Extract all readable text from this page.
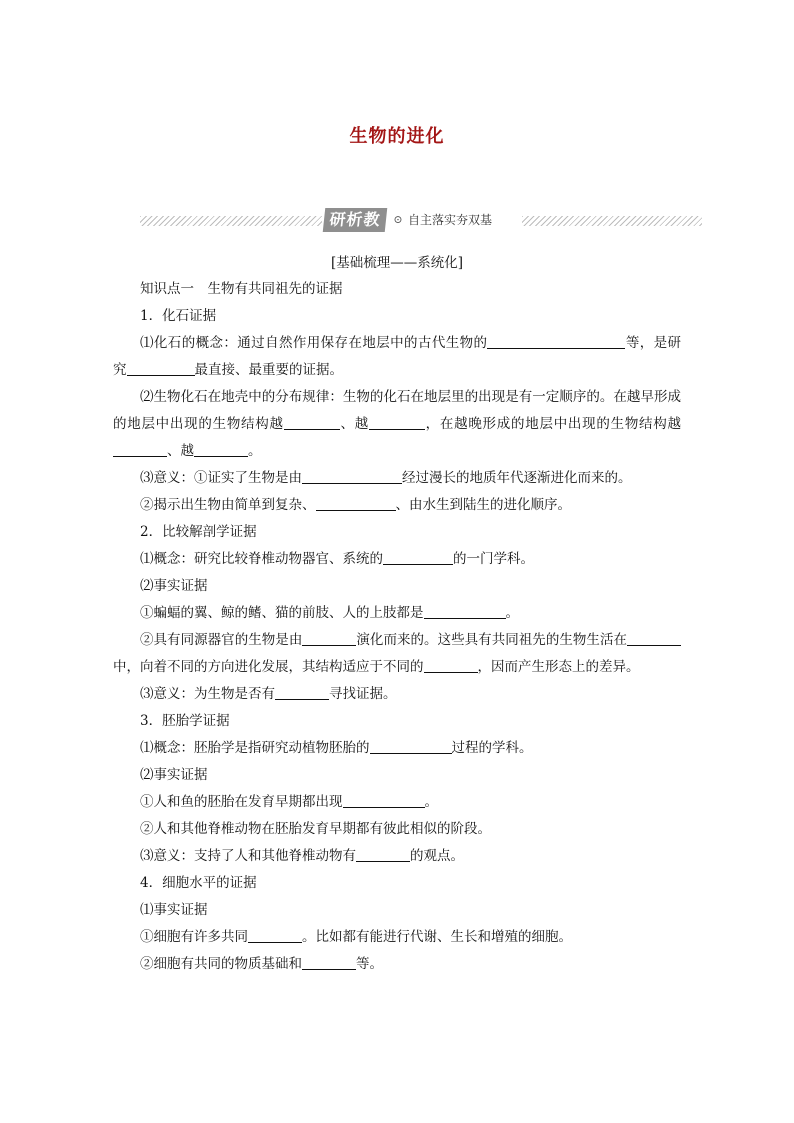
生物的进化
研析教材
⊙ 自主落实夯双基
[基础梳理——系统化]

知识点一　生物有共同祖先的证据

1．化石证据

⑴化石的概念：通过自然作用保存在地层中的古代生物的	等，是研究	最直接、最重要的证据。

⑵生物化石在地壳中的分布规律：生物的化石在地层里的出现是有一定顺序的。在越早形成的地层中出现的生物结构越	、越	，在越晚形成的地层中出现的生物结构越、越	。

⑶意义：①证实了生物是由	经过漫长的地质年代逐渐进化而来的。

②揭示出生物由简单到复杂、	、由水生到陆生的进化顺序。

2．比较解剖学证据

⑴概念：研究比较脊椎动物器官、系统的	的一门学科。

⑵事实证据

①蝙蝠的翼、鲸的鳍、猫的前肢、人的上肢都是	。

②具有同源器官的生物是由	演化而来的。这些具有共同祖先的生物生活在中，向着不同的方向进化发展，其结构适应于不同的	，因而产生形态上的差异。

⑶意义：为生物是否有	寻找证据。

3．胚胎学证据

⑴概念：胚胎学是指研究动植物胚胎的	过程的学科。

⑵事实证据

①人和鱼的胚胎在发育早期都出现	。

②人和其他脊椎动物在胚胎发育早期都有彼此相似的阶段。

⑶意义：支持了人和其他脊椎动物有	的观点。

4．细胞水平的证据

⑴事实证据

①细胞有许多共同	。比如都有能进行代谢、生长和增殖的细胞。

②细胞有共同的物质基础和	等。
